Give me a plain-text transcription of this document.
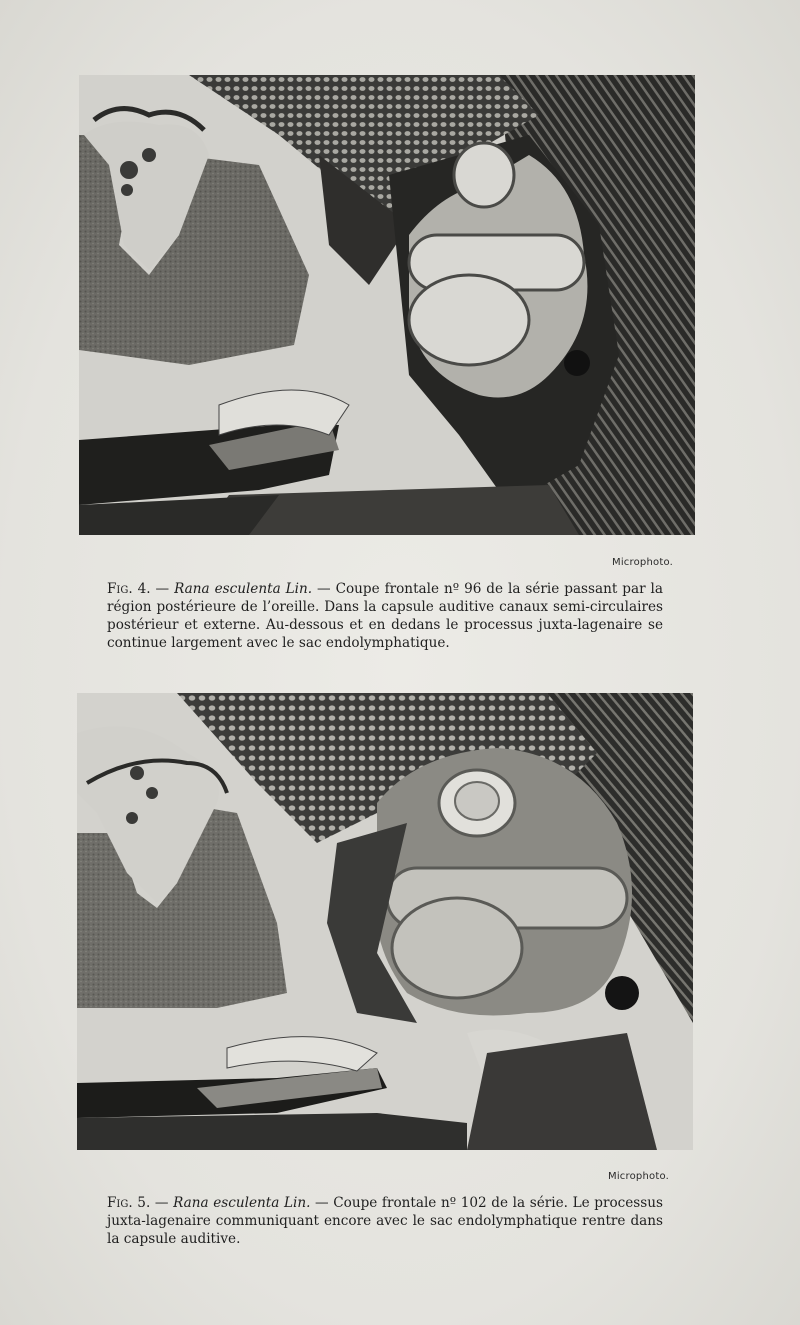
Microphoto.
Fig. 4. — Rana esculenta Lin. — Coupe frontale nº 96 de la série passant par la région postérieure de l’oreille. Dans la capsule auditive canaux semi-circulaires postérieur et externe. Au-dessous et en dedans le processus juxta-lagenaire se continue largement avec le sac endolymphatique.
Microphoto.
Fig. 5. — Rana esculenta Lin. — Coupe frontale nº 102 de la série. Le processus juxta-lagenaire communiquant encore avec le sac endolymphatique rentre dans la capsule auditive.
